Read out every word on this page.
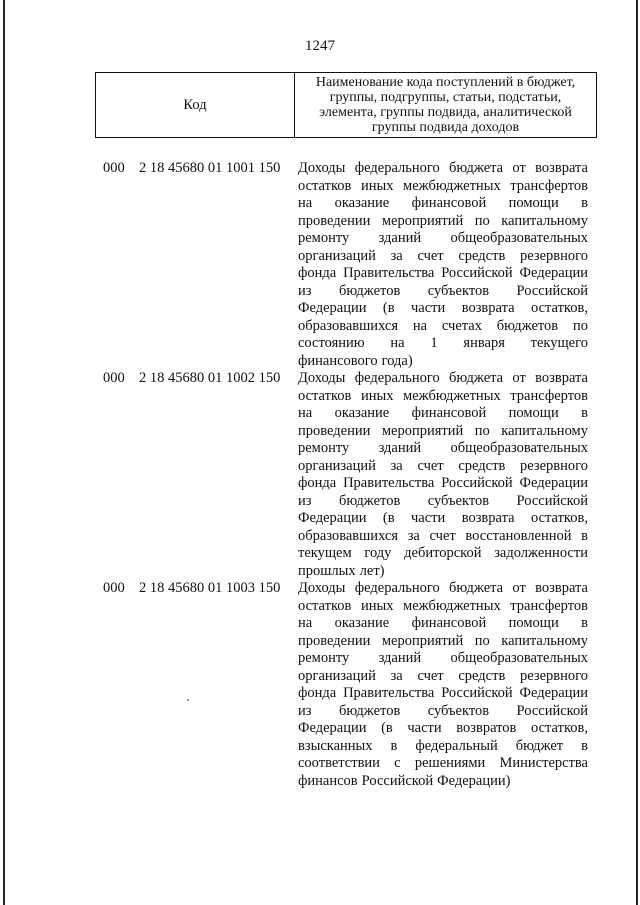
1247
Код
Наименование кода поступлений в бюджет, группы, подгруппы, статьи, подстатьи, элемента, группы подвида, аналитической группы подвида доходов
000 2 18 45680 01 1001 150 Доходы федерального бюджета от возврата
остатков иных межбюджетных трансфертов
на оказание финансовой помощи в
проведении мероприятий по капитальному
ремонту зданий общеобразовательных
организаций за счет средств резервного
фонда Правительства Российской Федерации
из бюджетов субъектов Российской
Федерации (в части возврата остатков,
образовавшихся на счетах бюджетов по
состоянию на 1 января текущего
финансового года)
000 2 18 45680 01 1002 150 Доходы федерального бюджета от возврата
остатков иных межбюджетных трансфертов
на оказание финансовой помощи в
проведении мероприятий по капитальному
ремонту зданий общеобразовательных
организаций за счет средств резервного
фонда Правительства Российской Федерации
из бюджетов субъектов Российской
Федерации (в части возврата остатков,
образовавшихся за счет восстановленной в
текущем году дебиторской задолженности
прошлых лет)
000 2 18 45680 01 1003 150 Доходы федерального бюджета от возврата
остатков иных межбюджетных трансфертов
на оказание финансовой помощи в
проведении мероприятий по капитальному
ремонту зданий общеобразовательных
организаций за счет средств резервного
фонда Правительства Российской Федерации
из бюджетов субъектов Российской
Федерации (в части возвратов остатков,
взысканных в федеральный бюджет в
соответствии с решениями Министерства
финансов Российской Федерации)
